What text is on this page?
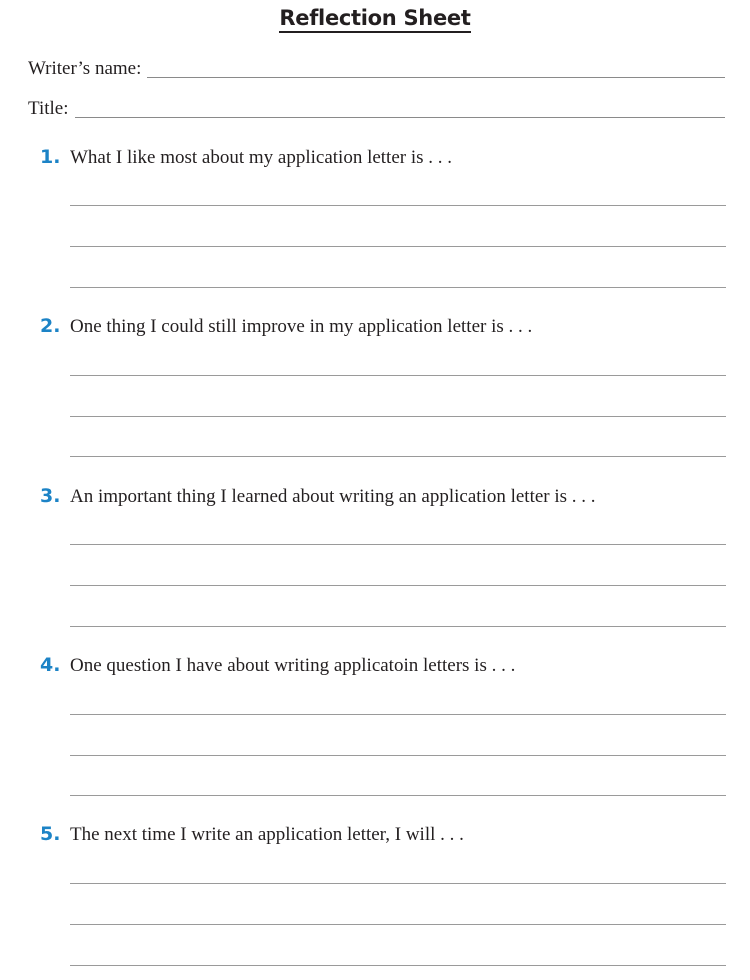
Reflection Sheet
Writer’s name:
Title:
1. What I like most about my application letter is . . .
2. One thing I could still improve in my application letter is . . .
3. An important thing I learned about writing an application letter is . . .
4. One question I have about writing applicatoin letters is . . .
5. The next time I write an application letter, I will . . .
